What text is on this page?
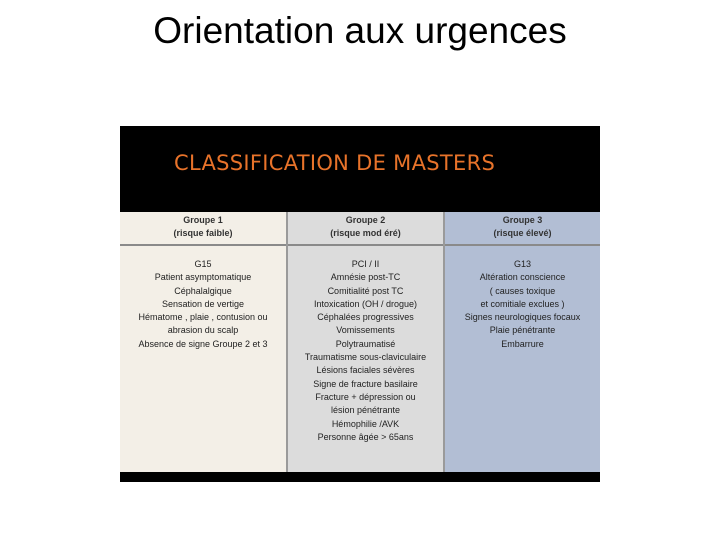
Orientation aux urgences
CLASSIFICATION DE MASTERS
Groupe 1
(risque faible)
G15
Patient asymptomatique
Céphalalgique
Sensation de vertige
Hématome , plaie , contusion ou
abrasion du scalp
Absence de signe Groupe 2 et 3
Groupe 2
(risque mod éré)
PCI / II
Amnésie post-TC
Comitialité post TC
Intoxication (OH / drogue)
Céphalées progressives
Vomissements
Polytraumatisé
Traumatisme sous-claviculaire
Lésions faciales sévères
Signe de fracture basilaire
Fracture + dépression ou
lésion pénétrante
Hémophilie /AVK
Personne âgée > 65ans
Groupe 3
(risque élevé)
G13
Altération conscience
( causes toxique
et comitiale exclues )
Signes neurologiques focaux
Plaie pénétrante
Embarrure
